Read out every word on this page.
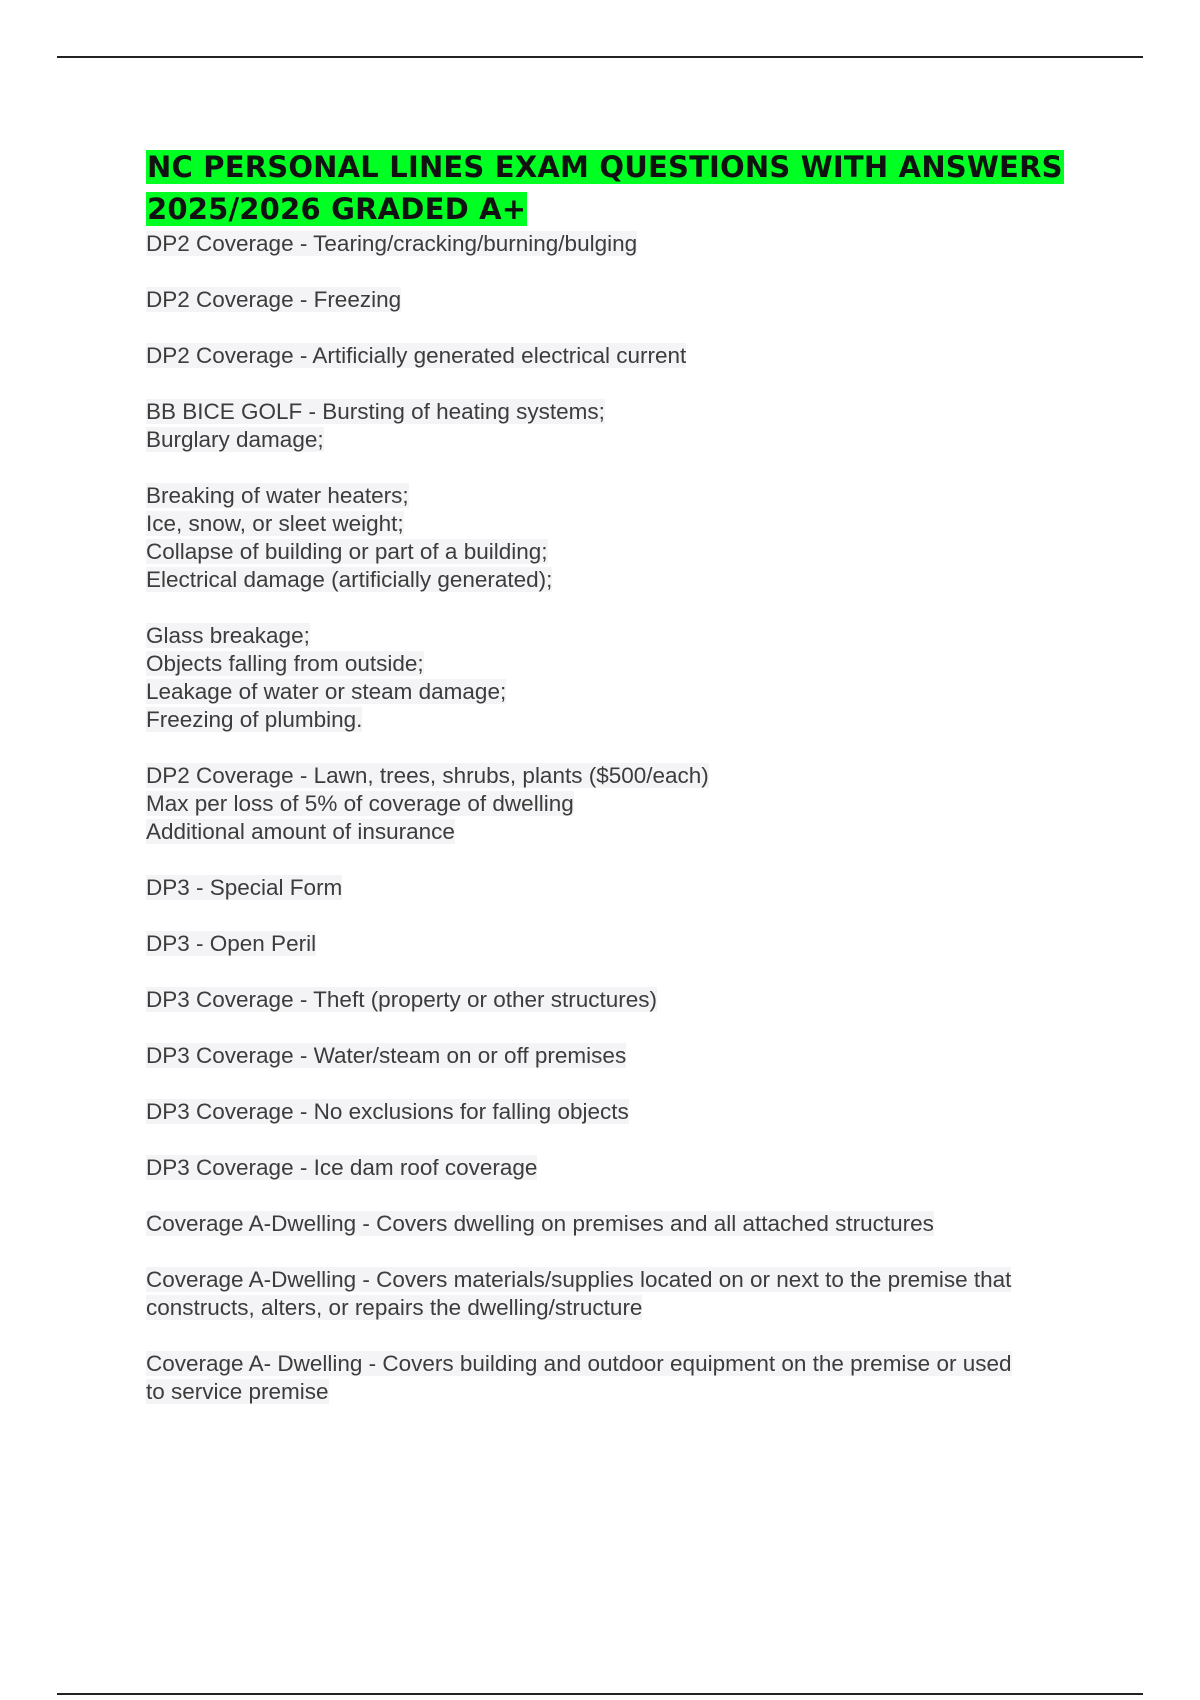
NC PERSONAL LINES EXAM QUESTIONS WITH ANSWERS 2025/2026 GRADED A+
DP2 Coverage - Tearing/cracking/burning/bulging
DP2 Coverage - Freezing
DP2 Coverage - Artificially generated electrical current
BB BICE GOLF - Bursting of heating systems;
Burglary damage;
Breaking of water heaters;
Ice, snow, or sleet weight;
Collapse of building or part of a building;
Electrical damage (artificially generated);
Glass breakage;
Objects falling from outside;
Leakage of water or steam damage;
Freezing of plumbing.
DP2 Coverage - Lawn, trees, shrubs, plants ($500/each)
Max per loss of 5% of coverage of dwelling
Additional amount of insurance
DP3 - Special Form
DP3 - Open Peril
DP3 Coverage - Theft (property or other structures)
DP3 Coverage - Water/steam on or off premises
DP3 Coverage - No exclusions for falling objects
DP3 Coverage - Ice dam roof coverage
Coverage A-Dwelling - Covers dwelling on premises and all attached structures
Coverage A-Dwelling - Covers materials/supplies located on or next to the premise that
constructs, alters, or repairs the dwelling/structure
Coverage A- Dwelling - Covers building and outdoor equipment on the premise or used
to service premise
